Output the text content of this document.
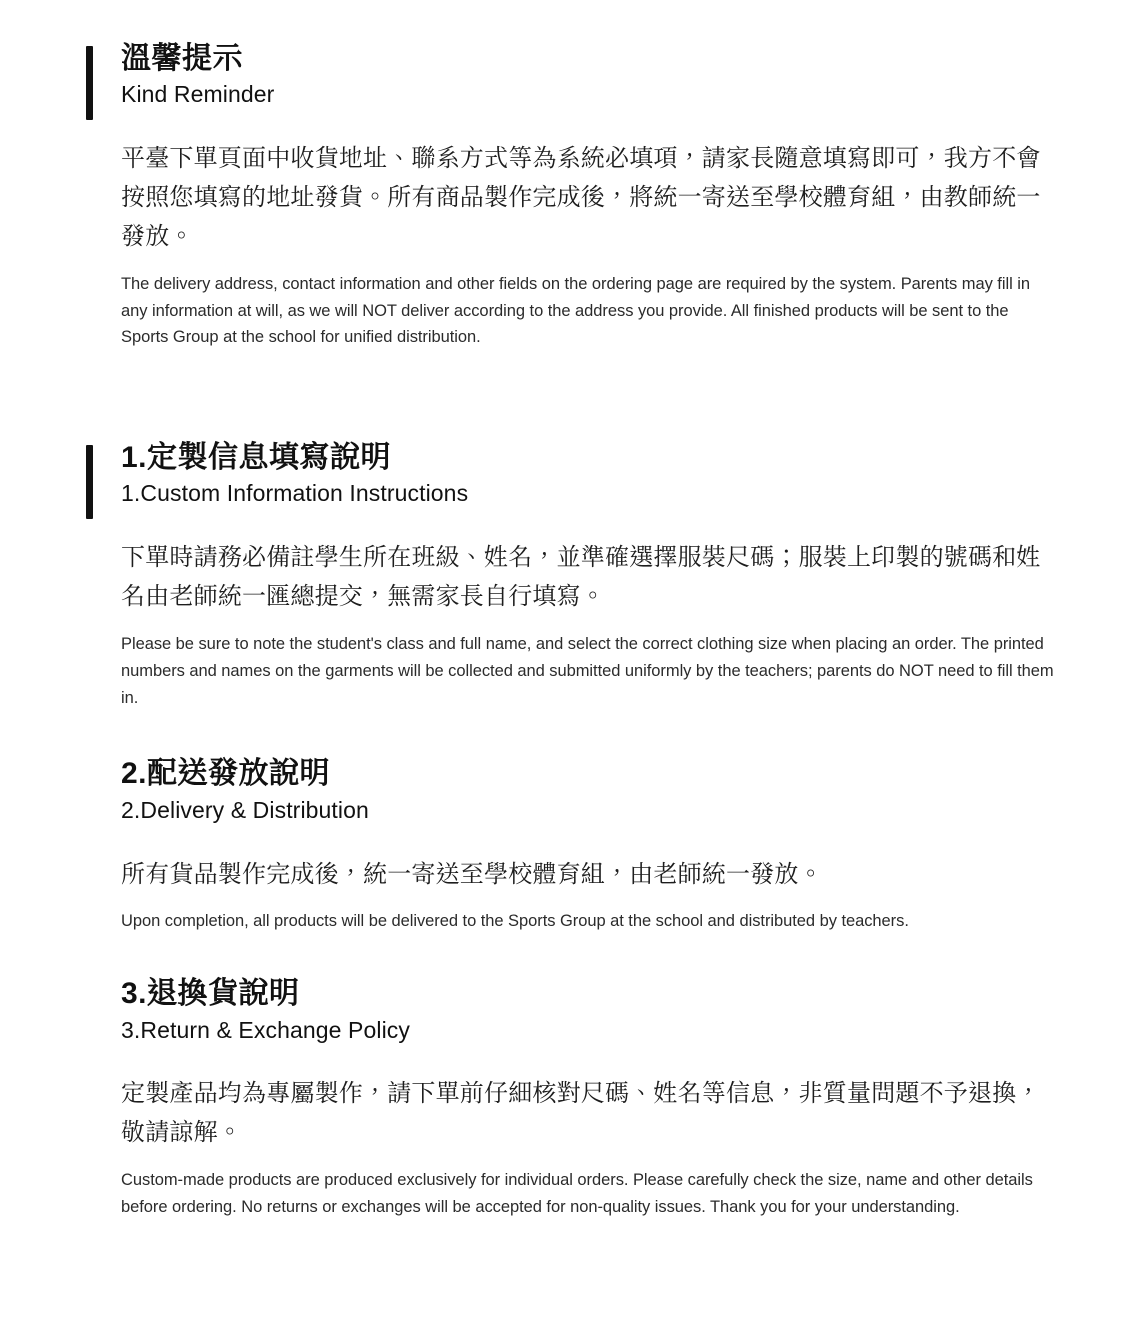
溫馨提示

Kind Reminder

平臺下單頁面中收貨地址、聯系方式等為系統必填項，請家長隨意填寫即可，我方不會按照您填寫的地址發貨。所有商品製作完成後，將統一寄送至學校體育組，由教師統一發放。

The delivery address, contact information and other fields on the ordering page are required by the system. Parents may fill in any information at will, as we will NOT deliver according to the address you provide. All finished products will be sent to the Sports Group at the school for unified distribution.

1.定製信息填寫說明

1.Custom Information Instructions

下單時請務必備註學生所在班級、姓名，並準確選擇服裝尺碼；服裝上印製的號碼和姓名由老師統一匯總提交，無需家長自行填寫。

Please be sure to note the student's class and full name, and select the correct clothing size when placing an order. The printed numbers and names on the garments will be collected and submitted uniformly by the teachers; parents do NOT need to fill them in.

2.配送發放說明

2.Delivery & Distribution

所有貨品製作完成後，統一寄送至學校體育組，由老師統一發放。

Upon completion, all products will be delivered to the Sports Group at the school and distributed by teachers.

3.退換貨說明

3.Return & Exchange Policy

定製產品均為專屬製作，請下單前仔細核對尺碼、姓名等信息，非質量問題不予退換，敬請諒解。

Custom-made products are produced exclusively for individual orders. Please carefully check the size, name and other details before ordering. No returns or exchanges will be accepted for non-quality issues. Thank you for your understanding.
